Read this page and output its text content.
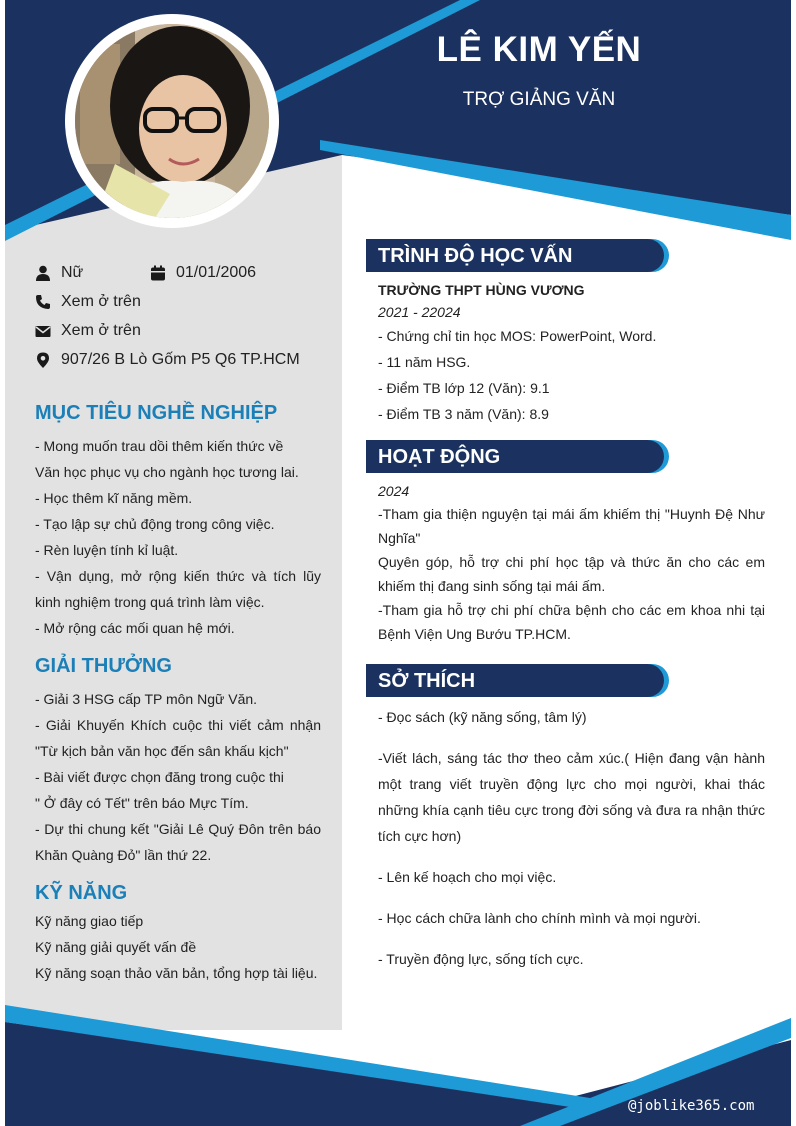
LÊ KIM YẾN
TRỢ GIẢNG VĂN
Nữ	01/01/2006
Xem ở trên
Xem ở trên
907/26 B Lò Gốm P5 Q6 TP.HCM
MỤC TIÊU NGHỀ NGHIỆP
- Mong muốn trau dồi thêm kiến thức về
Văn học phục vụ cho ngành học tương lai.
- Học thêm kĩ năng mềm.
- Tạo lập sự chủ động trong công việc.
- Rèn luyện tính kỉ luật.
- Vận dụng, mở rộng kiến thức và tích lũy kinh nghiệm trong quá trình làm việc.
- Mở rộng các mối quan hệ mới.
GIẢI THƯỞNG
- Giải 3 HSG cấp TP môn Ngữ Văn.
- Giải Khuyến Khích cuộc thi viết cảm nhận "Từ kịch bản văn học đến sân khấu kịch"
- Bài viết được chọn đăng trong cuộc thi
" Ở đây có Tết" trên báo Mực Tím.
- Dự thi chung kết "Giải Lê Quý Đôn trên báo Khăn Quàng Đỏ" lần thứ 22.
KỸ NĂNG
Kỹ năng giao tiếp
Kỹ năng giải quyết vấn đề
Kỹ năng soạn thảo văn bản, tổng hợp tài liệu.
TRÌNH ĐỘ HỌC VẤN
TRƯỜNG THPT HÙNG VƯƠNG
2021 - 22024
- Chứng chỉ tin học MOS: PowerPoint, Word.
- 11 năm HSG.
- Điểm TB lớp 12 (Văn): 9.1
- Điểm TB 3 năm (Văn): 8.9
HOẠT ĐỘNG
2024
-Tham gia thiện nguyện tại mái ấm khiếm thị "Huynh Đệ Như Nghĩa"
Quyên góp, hỗ trợ chi phí học tập và thức ăn cho các em khiếm thị đang sinh sống tại mái ấm.
-Tham gia hỗ trợ chi phí chữa bệnh cho các em khoa nhi tại Bệnh Viện Ung Bướu TP.HCM.
SỞ THÍCH
- Đọc sách (kỹ năng sống, tâm lý)
-Viết lách, sáng tác thơ theo cảm xúc.( Hiện đang vận hành một trang viết truyền động lực cho mọi người, khai thác những khía cạnh tiêu cực trong đời sống và đưa ra nhận thức tích cực hơn)
- Lên kế hoạch cho mọi việc.
- Học cách chữa lành cho chính mình và mọi người.
- Truyền động lực, sống tích cực.
@joblike365.com
